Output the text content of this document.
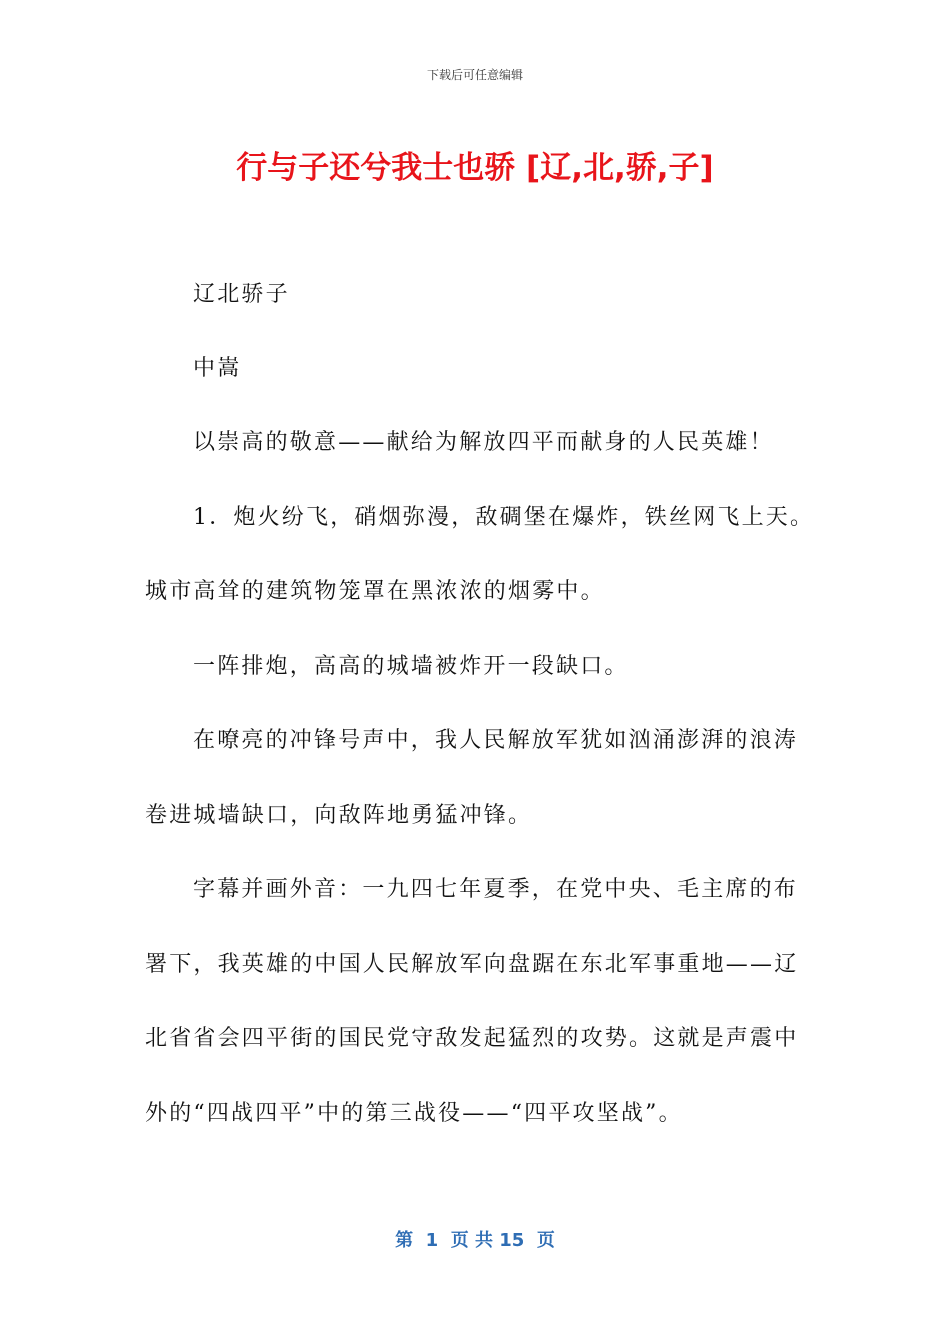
下载后可任意编辑
行与子还兮我士也骄 [辽,北,骄,子]
辽北骄子
中嵩
以崇高的敬意——献给为解放四平而献身的人民英雄！
1．炮火纷飞，硝烟弥漫，敌碉堡在爆炸，铁丝网飞上天。
城市高耸的建筑物笼罩在黑浓浓的烟雾中。
一阵排炮，高高的城墙被炸开一段缺口。
在嘹亮的冲锋号声中，我人民解放军犹如汹涌澎湃的浪涛
卷进城墙缺口，向敌阵地勇猛冲锋。
字幕并画外音：一九四七年夏季，在党中央、毛主席的布
署下，我英雄的中国人民解放军向盘踞在东北军事重地——辽
北省省会四平街的国民党守敌发起猛烈的攻势。这就是声震中
外的“四战四平”中的第三战役——“四平攻坚战”。
第  1  页 共 15  页
